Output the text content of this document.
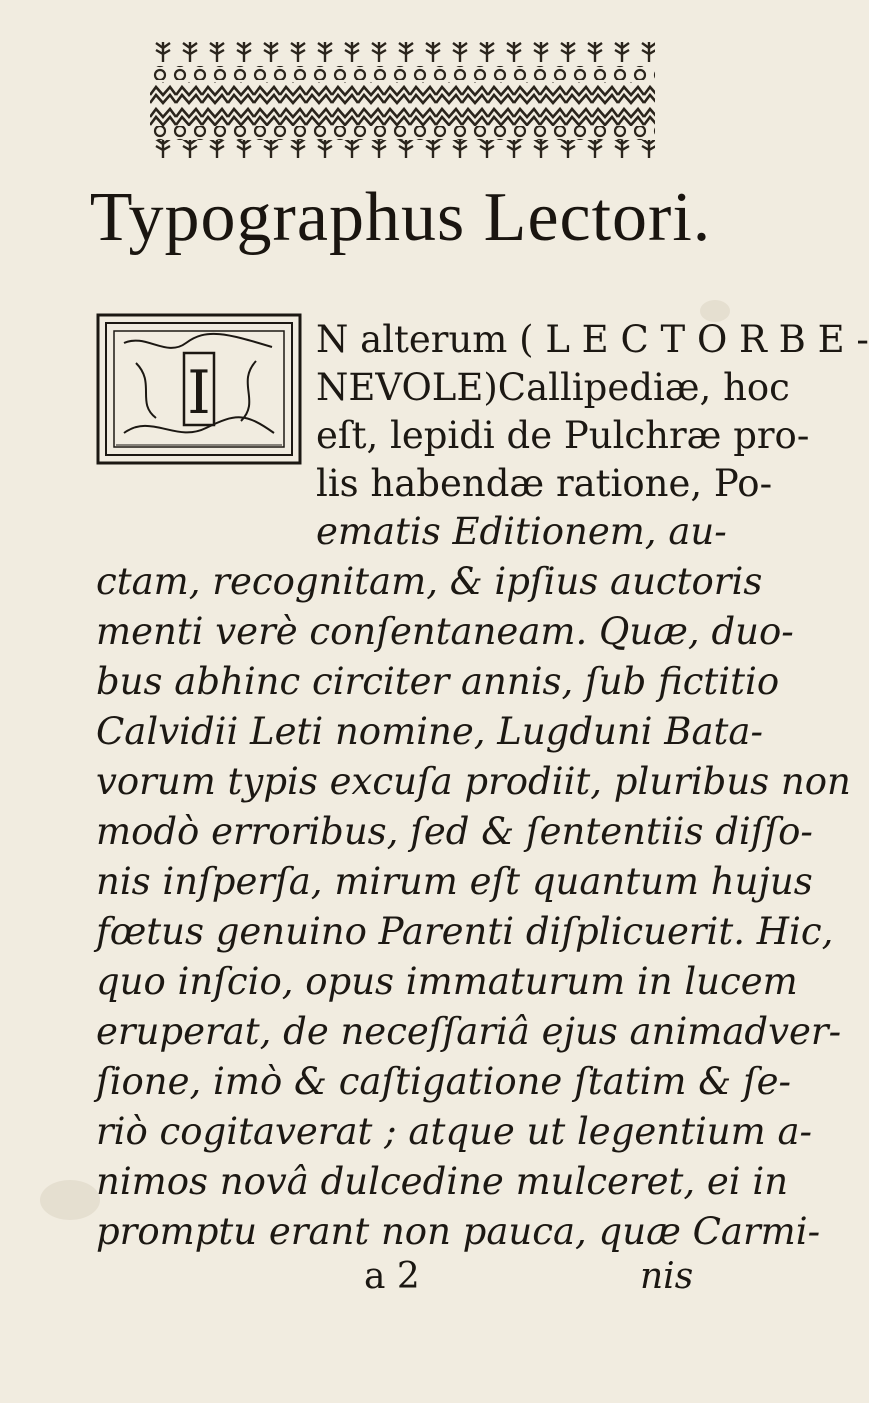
Typographus Lectori.
I
N alterum ( L E C T O R B E -
NEVOLE)Callipediæ, hoc
eſt, lepidi de Pulchræ pro-
lis habendæ ratione, Po-
ematis Editionem, au-
ctam, recognitam, & ipſius auctoris
menti verè conſentaneam. Quæ, duo-
bus abhinc circiter annis, ſub fictitio
Calvidii Leti nomine, Lugduni Bata-
vorum typis excuſa prodiit, pluribus non
modò erroribus, ſed & ſententiis diſſo-
nis inſperſa, mirum eſt quantum hujus
fœtus genuino Parenti diſplicuerit. Hic,
quo inſcio, opus immaturum in lucem
eruperat, de neceſſariâ ejus animadver-
ſione, imò & caſtigatione ſtatim & ſe-
riò cogitaverat ; atque ut legentium a-
nimos novâ dulcedine mulceret, ei in
promptu erant non pauca, quæ Carmi-
a 2	nis
